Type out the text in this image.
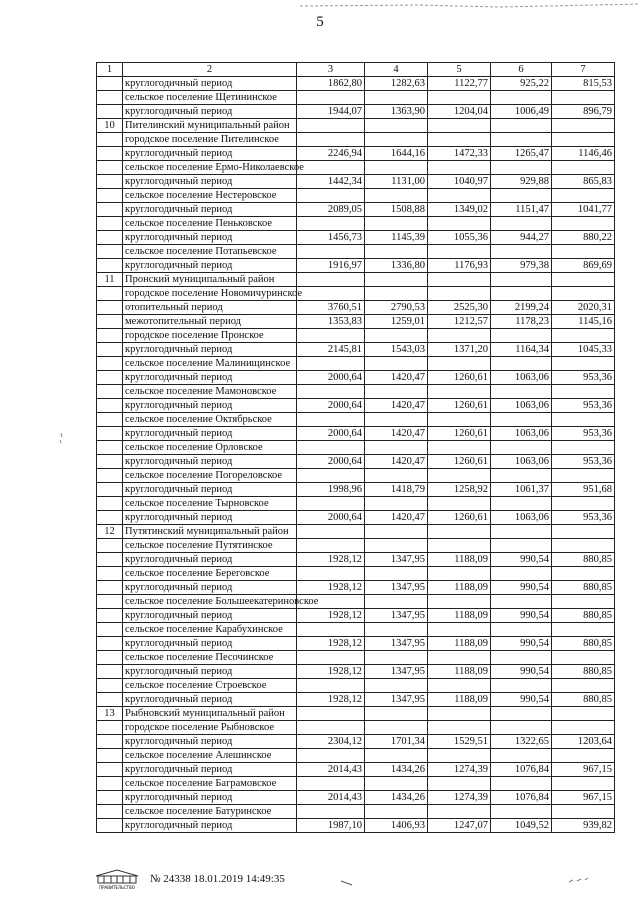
5
1	2	3	4	5	6	7
	круглогодичный период	1862,80	1282,63	1122,77	925,22	815,53
	сельское поселение Щетининское					
	круглогодичный период	1944,07	1363,90	1204,04	1006,49	896,79
10	Пителинский муниципальный район					
	городское поселение Пителинское					
	круглогодичный период	2246,94	1644,16	1472,33	1265,47	1146,46
	сельское поселение Ермо-Николаевское					
	круглогодичный период	1442,34	1131,00	1040,97	929,88	865,83
	сельское поселение Нестеровское					
	круглогодичный период	2089,05	1508,88	1349,02	1151,47	1041,77
	сельское поселение Пеньковское					
	круглогодичный период	1456,73	1145,39	1055,36	944,27	880,22
	сельское поселение Потапьевское					
	круглогодичный период	1916,97	1336,80	1176,93	979,38	869,69
11	Пронский муниципальный район					
	городское поселение Новомичуринское					
	отопительный период	3760,51	2790,53	2525,30	2199,24	2020,31
	межотопительный период	1353,83	1259,01	1212,57	1178,23	1145,16
	городское поселение Пронское					
	круглогодичный период	2145,81	1543,03	1371,20	1164,34	1045,33
	сельское поселение Малинищинское					
	круглогодичный период	2000,64	1420,47	1260,61	1063,06	953,36
	сельское поселение Мамоновское					
	круглогодичный период	2000,64	1420,47	1260,61	1063,06	953,36
	сельское поселение Октябрьское					
	круглогодичный период	2000,64	1420,47	1260,61	1063,06	953,36
	сельское поселение Орловское					
	круглогодичный период	2000,64	1420,47	1260,61	1063,06	953,36
	сельское поселение Погореловское					
	круглогодичный период	1998,96	1418,79	1258,92	1061,37	951,68
	сельское поселение Тырновское					
	круглогодичный период	2000,64	1420,47	1260,61	1063,06	953,36
12	Путятинский муниципальный район					
	сельское поселение Путятинское					
	круглогодичный период	1928,12	1347,95	1188,09	990,54	880,85
	сельское поселение Береговское					
	круглогодичный период	1928,12	1347,95	1188,09	990,54	880,85
	сельское поселение Большеекатериновское					
	круглогодичный период	1928,12	1347,95	1188,09	990,54	880,85
	сельское поселение Карабухинское					
	круглогодичный период	1928,12	1347,95	1188,09	990,54	880,85
	сельское поселение Песочинское					
	круглогодичный период	1928,12	1347,95	1188,09	990,54	880,85
	сельское поселение Строевское					
	круглогодичный период	1928,12	1347,95	1188,09	990,54	880,85
13	Рыбновский муниципальный район					
	городское поселение Рыбновское					
	круглогодичный период	2304,12	1701,34	1529,51	1322,65	1203,64
	сельское поселение Алешинское					
	круглогодичный период	2014,43	1434,26	1274,39	1076,84	967,15
	сельское поселение Баграмовское					
	круглогодичный период	2014,43	1434,26	1274,39	1076,84	967,15
	сельское поселение Батуринское					
	круглогодичный период	1987,10	1406,93	1247,07	1049,52	939,82
ПРАВИТЕЛЬСТВО
№ 24338 18.01.2019 14:49:35
